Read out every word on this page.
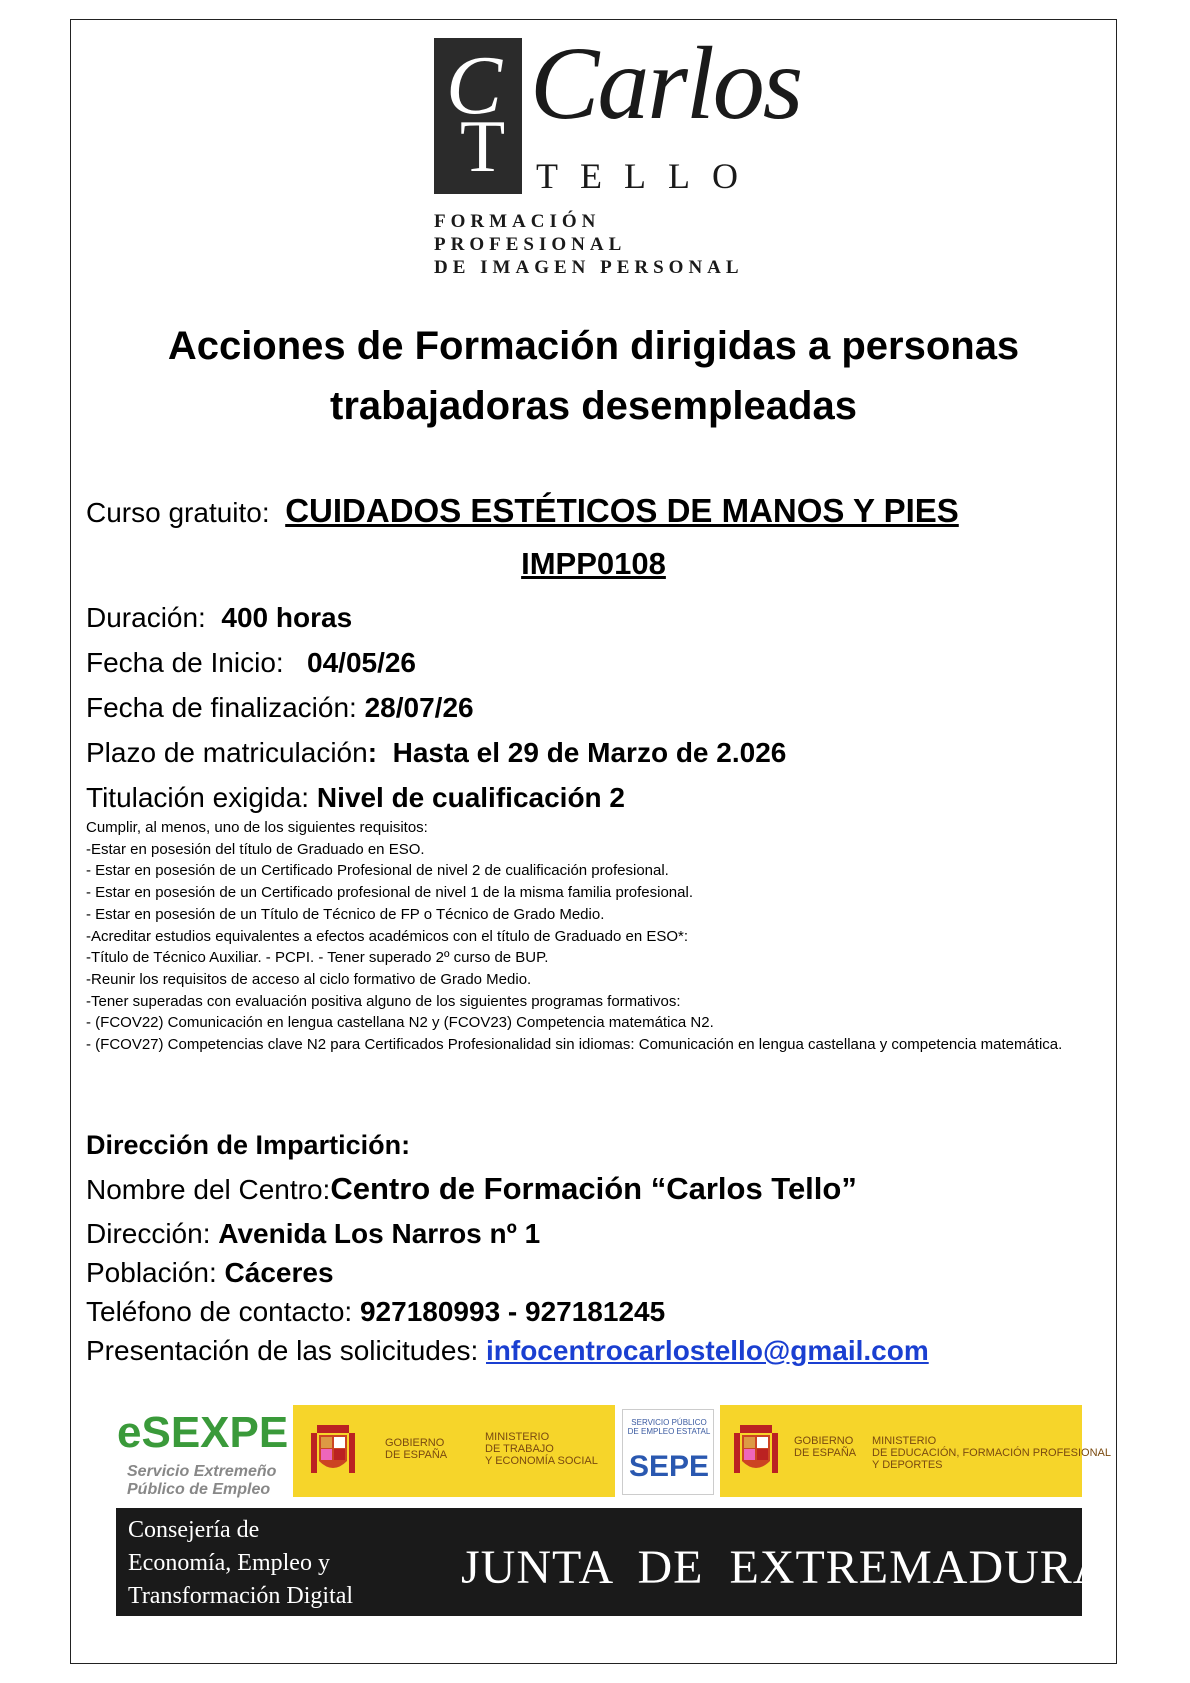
C
T
Carlos
TELLO
FORMACIÓN PROFESIONAL
DE IMAGEN PERSONAL
Acciones de Formación dirigidas a personas
trabajadoras desempleadas
Curso gratuito: CUIDADOS ESTÉTICOS DE MANOS Y PIES
IMPP0108
Duración: 400 horas
Fecha de Inicio: 04/05/26
Fecha de finalización: 28/07/26
Plazo de matriculación: Hasta el 29 de Marzo de 2.026
Titulación exigida: Nivel de cualificación 2
Cumplir, al menos, uno de los siguientes requisitos:
-Estar en posesión del título de Graduado en ESO.
- Estar en posesión de un Certificado Profesional de nivel 2 de cualificación profesional.
- Estar en posesión de un Certificado profesional de nivel 1 de la misma familia profesional.
- Estar en posesión de un Título de Técnico de FP o Técnico de Grado Medio.
-Acreditar estudios equivalentes a efectos académicos con el título de Graduado en ESO*:
-Título de Técnico Auxiliar. - PCPI. - Tener superado 2º curso de BUP.
-Reunir los requisitos de acceso al ciclo formativo de Grado Medio.
-Tener superadas con evaluación positiva alguno de los siguientes programas formativos:
- (FCOV22) Comunicación en lengua castellana N2 y (FCOV23) Competencia matemática N2.
- (FCOV27) Competencias clave N2 para Certificados Profesionalidad sin idiomas: Comunicación en lengua castellana y competencia matemática.
Dirección de Impartición:
Nombre del Centro:Centro de Formación “Carlos Tello”
Dirección: Avenida Los Narros nº 1
Población: Cáceres
Teléfono de contacto: 927180993 - 927181245
Presentación de las solicitudes: infocentrocarlostello@gmail.com
eSEXPE
Servicio Extremeño
Público de Empleo
GOBIERNO
DE ESPAÑA
MINISTERIO
DE TRABAJO
Y ECONOMÍA SOCIAL
SERVICIO PÚBLICO
DE EMPLEO ESTATAL
SEPE
GOBIERNO
DE ESPAÑA
MINISTERIO
DE EDUCACIÓN, FORMACIÓN PROFESIONAL
Y DEPORTES
Consejería de
Economía, Empleo y
Transformación Digital
JUNTA  DE  EXTREMADURA
